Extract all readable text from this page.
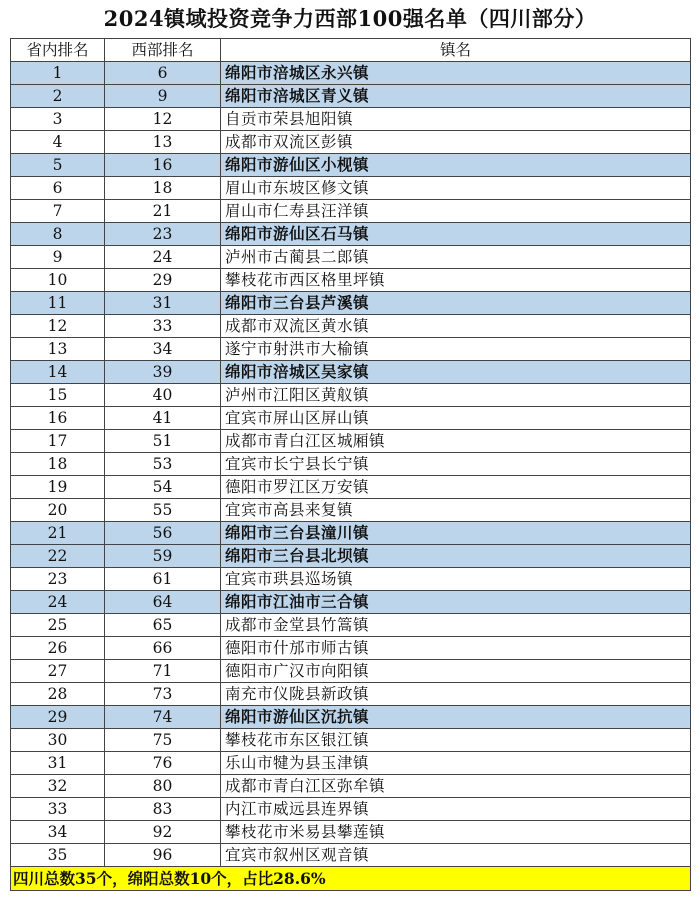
2024镇域投资竞争力西部100强名单（四川部分）
省内排名	西部排名	镇名
1	6	绵阳市涪城区永兴镇
2	9	绵阳市涪城区青义镇
3	12	自贡市荣县旭阳镇
4	13	成都市双流区彭镇
5	16	绵阳市游仙区小枧镇
6	18	眉山市东坡区修文镇
7	21	眉山市仁寿县汪洋镇
8	23	绵阳市游仙区石马镇
9	24	泸州市古蔺县二郎镇
10	29	攀枝花市西区格里坪镇
11	31	绵阳市三台县芦溪镇
12	33	成都市双流区黄水镇
13	34	遂宁市射洪市大榆镇
14	39	绵阳市涪城区吴家镇
15	40	泸州市江阳区黄舣镇
16	41	宜宾市屏山区屏山镇
17	51	成都市青白江区城厢镇
18	53	宜宾市长宁县长宁镇
19	54	德阳市罗江区万安镇
20	55	宜宾市高县来复镇
21	56	绵阳市三台县潼川镇
22	59	绵阳市三台县北坝镇
23	61	宜宾市珙县巡场镇
24	64	绵阳市江油市三合镇
25	65	成都市金堂县竹篙镇
26	66	德阳市什邡市师古镇
27	71	德阳市广汉市向阳镇
28	73	南充市仪陇县新政镇
29	74	绵阳市游仙区沉抗镇
30	75	攀枝花市东区银江镇
31	76	乐山市犍为县玉津镇
32	80	成都市青白江区弥牟镇
33	83	内江市威远县连界镇
34	92	攀枝花市米易县攀莲镇
35	96	宜宾市叙州区观音镇
四川总数35个，绵阳总数10个，占比28.6%		
